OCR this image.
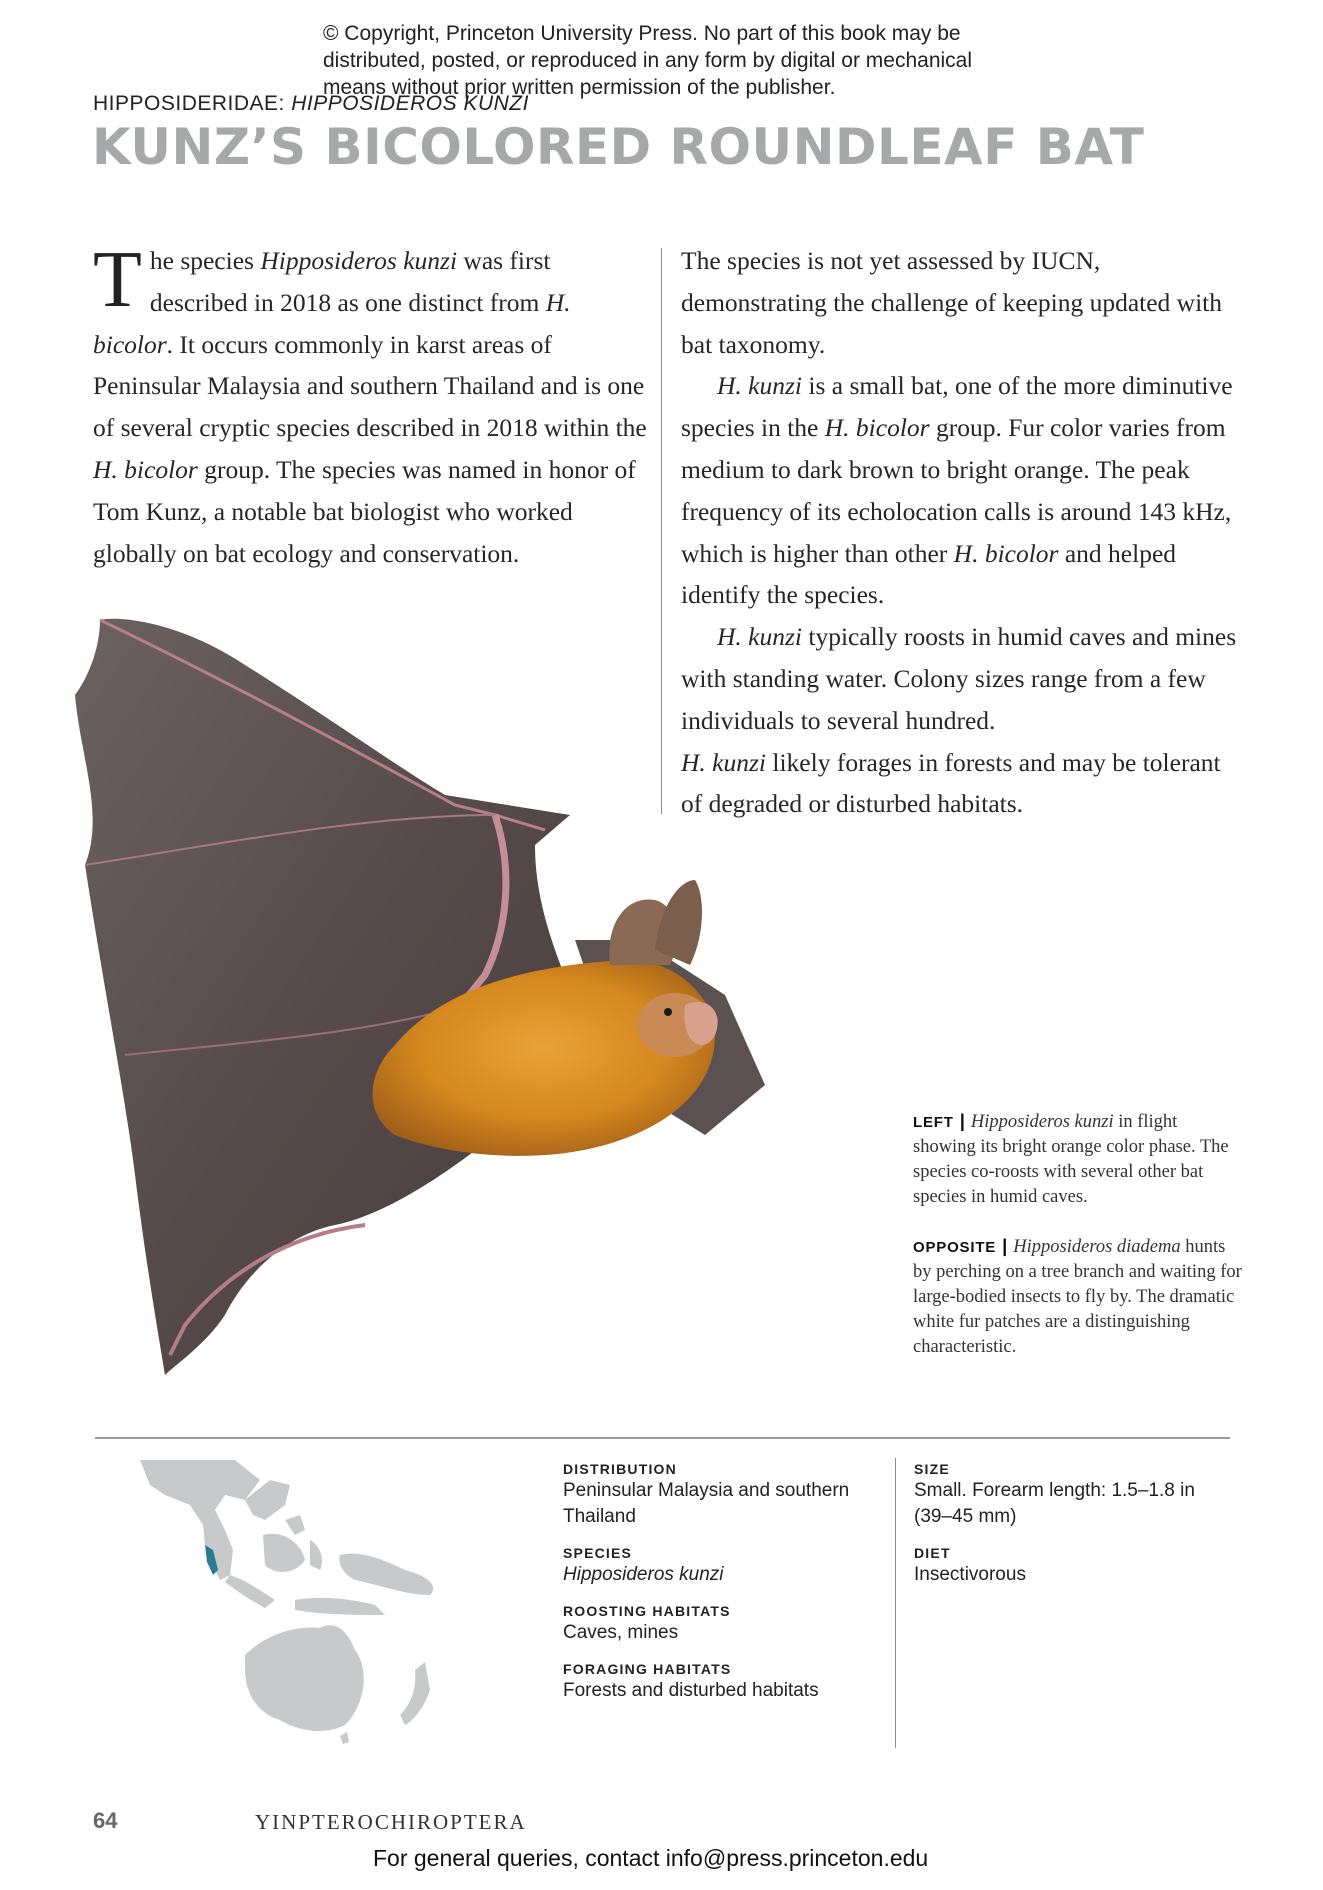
© Copyright, Princeton University Press. No part of this book may be distributed, posted, or reproduced in any form by digital or mechanical means without prior written permission of the publisher.
HIPPOSIDERIDAE: HIPPOSIDEROS KUNZI
KUNZ’S BICOLORED ROUNDLEAF BAT

The species Hipposideros kunzi was first described in 2018 as one distinct from H. bicolor. It occurs commonly in karst areas of Peninsular Malaysia and southern Thailand and is one of several cryptic species described in 2018 within the H. bicolor group. The species was named in honor of Tom Kunz, a notable bat biologist who worked globally on bat ecology and conservation.

The species is not yet assessed by IUCN, demonstrating the challenge of keeping updated with bat taxonomy.

H. kunzi is a small bat, one of the more diminutive species in the H. bicolor group. Fur color varies from medium to dark brown to bright orange. The peak frequency of its echolocation calls is around 143 kHz, which is higher than other H. bicolor and helped identify the species.

H. kunzi typically roosts in humid caves and mines with standing water. Colony sizes range from a few individuals to several hundred.

H. kunzi likely forages in forests and may be tolerant of degraded or disturbed habitats.

LEFT | Hipposideros kunzi in flight showing its bright orange color phase. The species co-roosts with several other bat species in humid caves.
OPPOSITE | Hipposideros diadema hunts by perching on a tree branch and waiting for large-bodied insects to fly by. The dramatic white fur patches are a distinguishing characteristic.
DISTRIBUTION
Peninsular Malaysia and southern Thailand
SPECIES
Hipposideros kunzi
ROOSTING HABITATS
Caves, mines
FORAGING HABITATS
Forests and disturbed habitats
SIZE
Small. Forearm length: 1.5–1.8 in (39–45 mm)
DIET
Insectivorous
64	YINPTEROCHIROPTERA
For general queries, contact info@press.princeton.edu
